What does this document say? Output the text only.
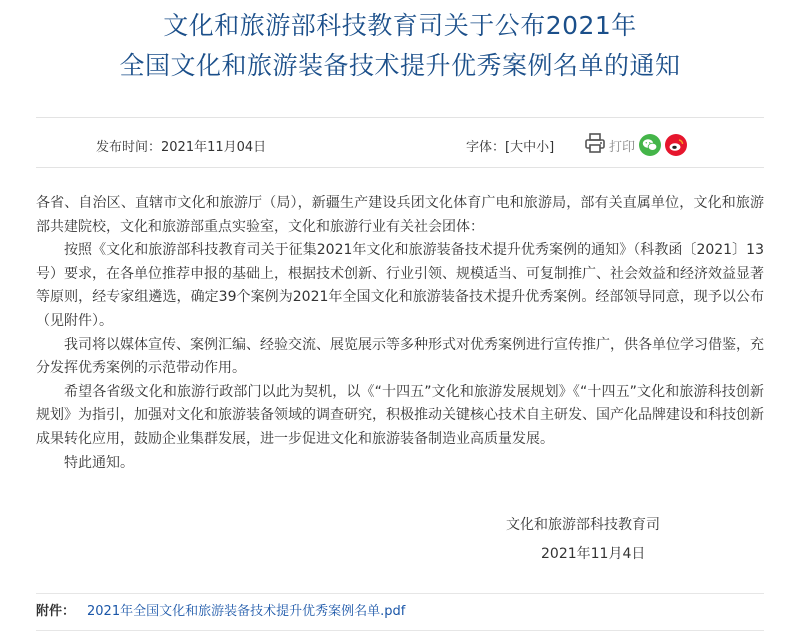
文化和旅游部科技教育司关于公布2021年
全国文化和旅游装备技术提升优秀案例名单的通知
发布时间：2021年11月04日	字体：[大中小]	打印

各省、自治区、直辖市文化和旅游厅（局），新疆生产建设兵团文化体育广电和旅游局，部有关直属单位，文化和旅游部共建院校，文化和旅游部重点实验室，文化和旅游行业有关社会团体：

按照《文化和旅游部科技教育司关于征集2021年文化和旅游装备技术提升优秀案例的通知》（科教函〔2021〕13号）要求，在各单位推荐申报的基础上，根据技术创新、行业引领、规模适当、可复制推广、社会效益和经济效益显著等原则，经专家组遴选，确定39个案例为2021年全国文化和旅游装备技术提升优秀案例。经部领导同意，现予以公布（见附件）。

我司将以媒体宣传、案例汇编、经验交流、展览展示等多种形式对优秀案例进行宣传推广，供各单位学习借鉴，充分发挥优秀案例的示范带动作用。

希望各省级文化和旅游行政部门以此为契机，以《“十四五”文化和旅游发展规划》《“十四五”文化和旅游科技创新规划》为指引，加强对文化和旅游装备领域的调查研究，积极推动关键核心技术自主研发、国产化品牌建设和科技创新成果转化应用，鼓励企业集群发展，进一步促进文化和旅游装备制造业高质量发展。

特此通知。

文化和旅游部科技教育司
2021年11月4日
附件： 2021年全国文化和旅游装备技术提升优秀案例名单.pdf
